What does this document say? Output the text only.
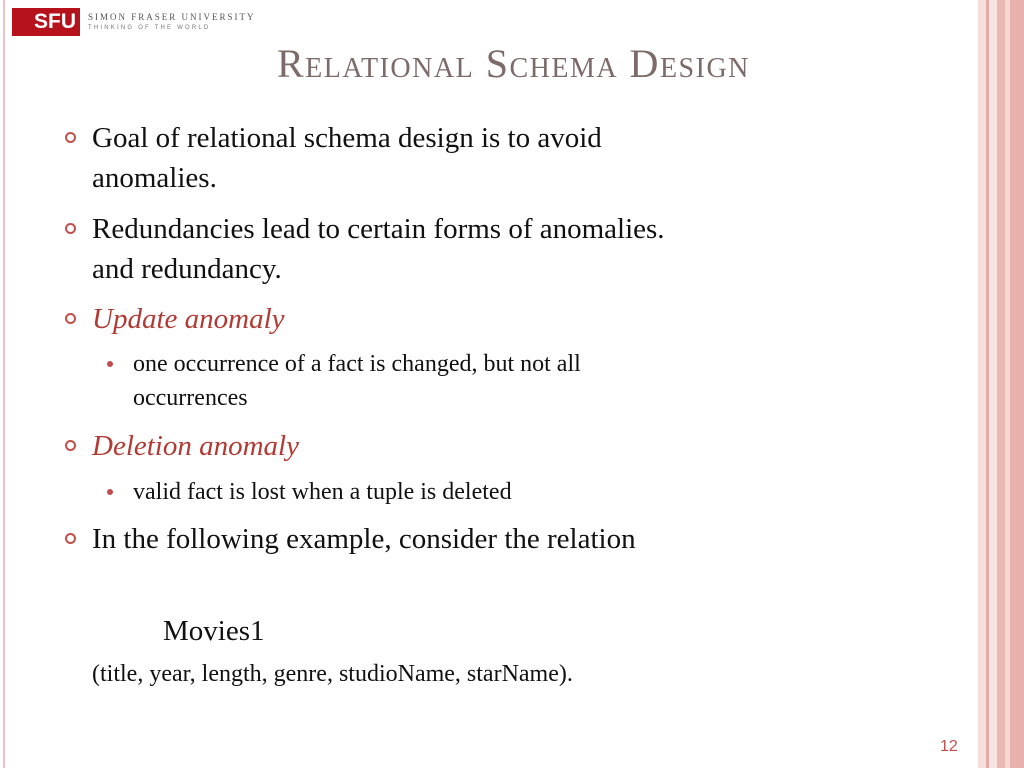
SFU	SIMON FRASER UNIVERSITY
THINKING OF THE WORLD
Relational Schema Design
Goal of relational schema design is to avoid
anomalies.
Redundancies lead to certain forms of anomalies.
and redundancy.
Update anomaly
one occurrence of a fact is changed, but not all
occurrences
Deletion anomaly
valid fact is lost when a tuple is deleted
In the following example, consider the relation
Movies1
(title, year, length, genre, studioName, starName).
12
